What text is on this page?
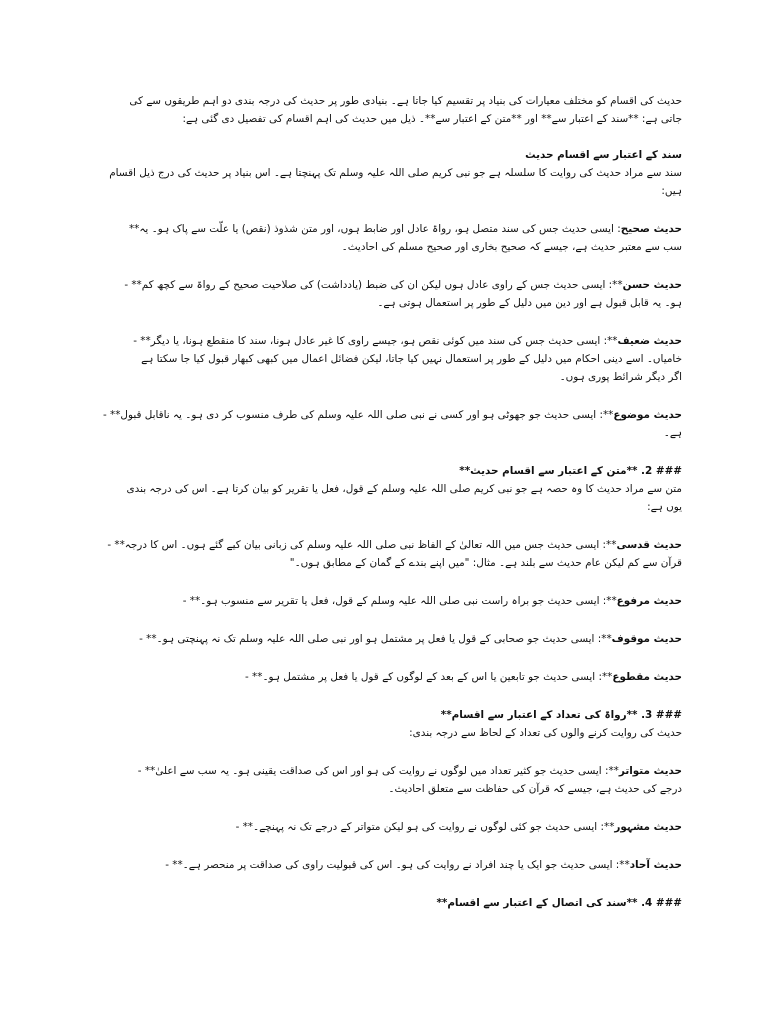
حدیث کی اقسام کو مختلف معیارات کی بنیاد پر تقسیم کیا جاتا ہے۔ بنیادی طور پر حدیث کی درجہ بندی دو اہم طریقوں سے کی

جاتی ہے: **سند کے اعتبار سے** اور **متن کے اعتبار سے**۔ ذیل میں حدیث کی اہم اقسام کی تفصیل دی گئی ہے:

سند کے اعتبار سے اقسام حدیث

سند سے مراد حدیث کی روایت کا سلسلہ ہے جو نبی کریم صلی اللہ علیہ وسلم تک پہنچتا ہے۔ اس بنیاد پر حدیث کی درج ذیل اقسام

ہیں:

حدیث صحیح: ایسی حدیث جس کی سند متصل ہو، رواۃ عادل اور ضابط ہوں، اور متن شذوذ (نقص) یا علّت سے پاک ہو۔ یہ**

سب سے معتبر حدیث ہے، جیسے کہ صحیح بخاری اور صحیح مسلم کی احادیث۔

حدیث حسن**: ایسی حدیث جس کے راوی عادل ہوں لیکن ان کی ضبط (یادداشت) کی صلاحیت صحیح کے رواۃ سے کچھ کم** -

ہو۔ یہ قابل قبول ہے اور دین میں دلیل کے طور پر استعمال ہوتی ہے۔

حدیث ضعیف**: ایسی حدیث جس کی سند میں کوئی نقص ہو، جیسے راوی کا غیر عادل ہونا، سند کا منقطع ہونا، یا دیگر** -

خامیاں۔ اسے دینی احکام میں دلیل کے طور پر استعمال نہیں کیا جاتا، لیکن فضائل اعمال میں کبھی کبھار قبول کیا جا سکتا ہے

اگر دیگر شرائط پوری ہوں۔

حدیث موضوع**: ایسی حدیث جو جھوٹی ہو اور کسی نے نبی صلی اللہ علیہ وسلم کی طرف منسوب کر دی ہو۔ یہ ناقابل قبول** -

ہے۔

### 2. **متن کے اعتبار سے اقسام حدیث**

متن سے مراد حدیث کا وہ حصہ ہے جو نبی کریم صلی اللہ علیہ وسلم کے قول، فعل یا تقریر کو بیان کرتا ہے۔ اس کی درجہ بندی

یوں ہے:

حدیث قدسی**: ایسی حدیث جس میں اللہ تعالیٰ کے الفاظ نبی صلی اللہ علیہ وسلم کی زبانی بیان کیے گئے ہوں۔ اس کا درجہ** -

قرآن سے کم لیکن عام حدیث سے بلند ہے۔ مثال: "میں اپنے بندے کے گمان کے مطابق ہوں۔"

حدیث مرفوع**: ایسی حدیث جو براہ راست نبی صلی اللہ علیہ وسلم کے قول، فعل یا تقریر سے منسوب ہو۔** -

حدیث موقوف**: ایسی حدیث جو صحابی کے قول یا فعل پر مشتمل ہو اور نبی صلی اللہ علیہ وسلم تک نہ پہنچتی ہو۔** -

حدیث مقطوع**: ایسی حدیث جو تابعین یا اس کے بعد کے لوگوں کے قول یا فعل پر مشتمل ہو۔** -

### 3. **رواۃ کی تعداد کے اعتبار سے اقسام**

حدیث کی روایت کرنے والوں کی تعداد کے لحاظ سے درجہ بندی:

حدیث متواتر**: ایسی حدیث جو کثیر تعداد میں لوگوں نے روایت کی ہو اور اس کی صداقت یقینی ہو۔ یہ سب سے اعلیٰ** -

درجے کی حدیث ہے، جیسے کہ قرآن کی حفاظت سے متعلق احادیث۔

حدیث مشہور**: ایسی حدیث جو کئی لوگوں نے روایت کی ہو لیکن متواتر کے درجے تک نہ پہنچے۔** -

حدیث آحاد**: ایسی حدیث جو ایک یا چند افراد نے روایت کی ہو۔ اس کی قبولیت راوی کی صداقت پر منحصر ہے۔** -

### 4. **سند کی اتصال کے اعتبار سے اقسام**
